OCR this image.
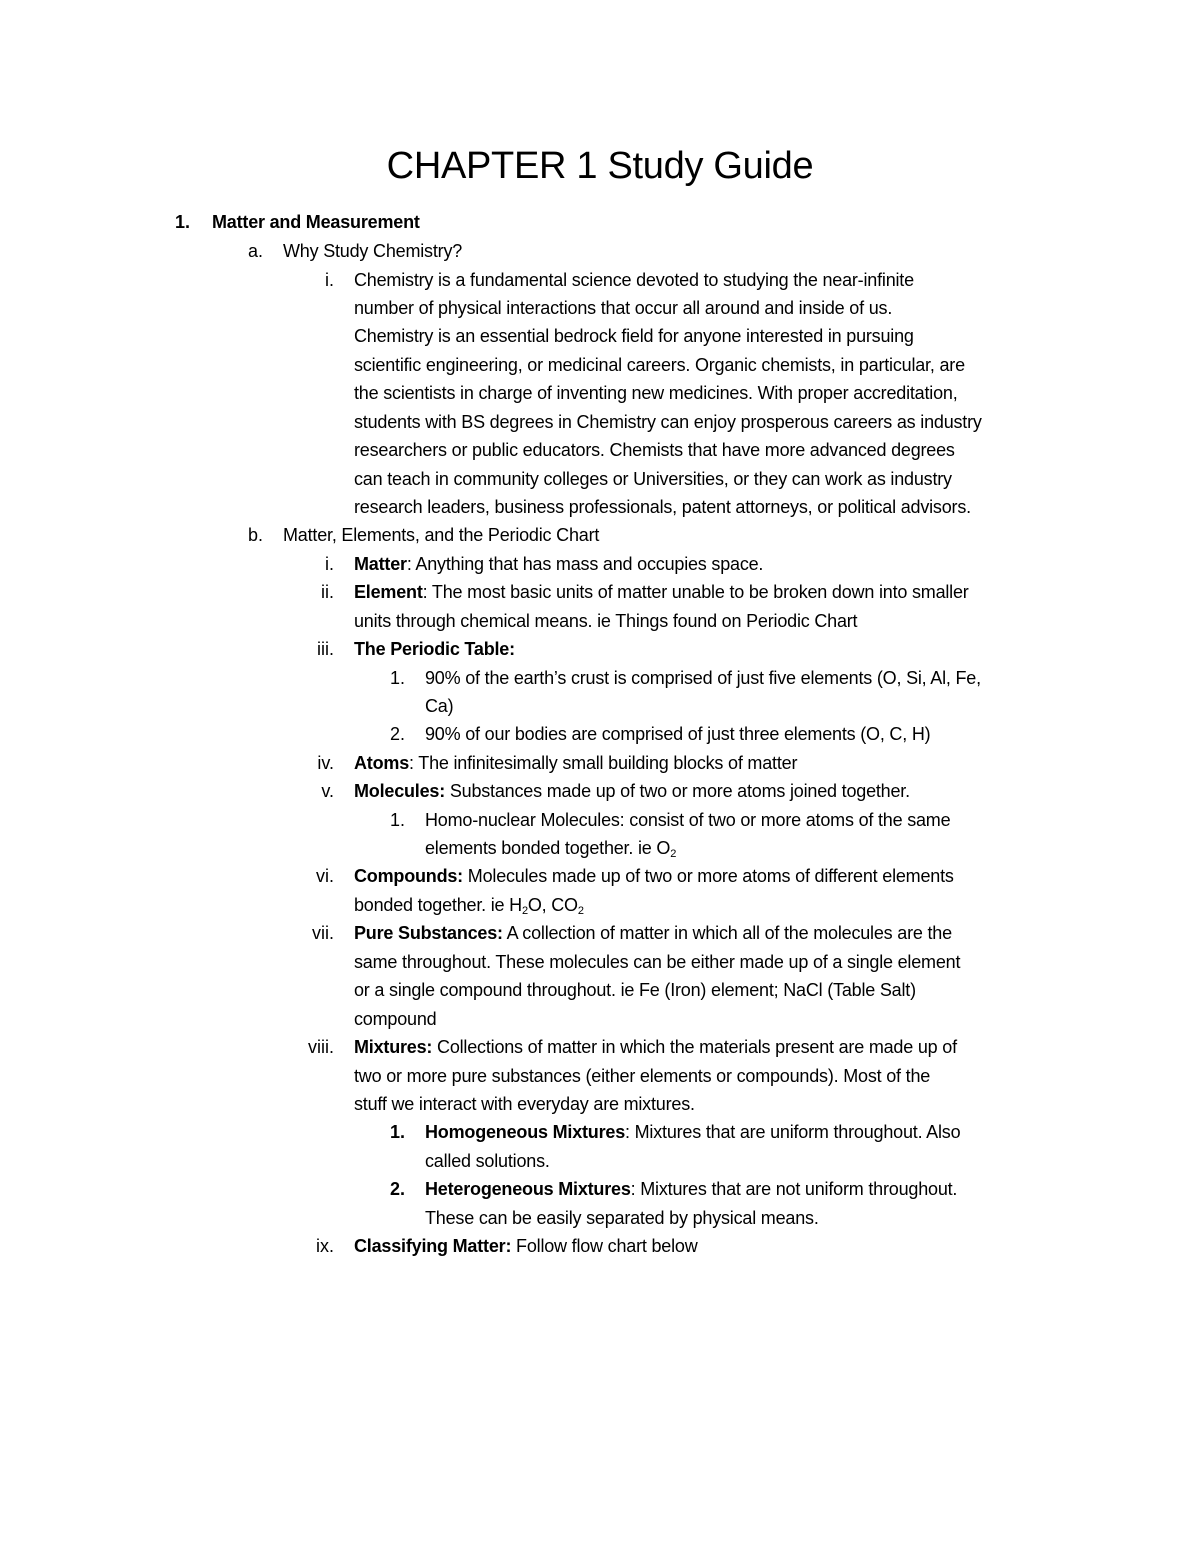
CHAPTER 1 Study Guide
1. Matter and Measurement
a. Why Study Chemistry?
i. Chemistry is a fundamental science devoted to studying the near-infinite
number of physical interactions that occur all around and inside of us.
Chemistry is an essential bedrock field for anyone interested in pursuing
scientific engineering, or medicinal careers. Organic chemists, in particular, are
the scientists in charge of inventing new medicines. With proper accreditation,
students with BS degrees in Chemistry can enjoy prosperous careers as industry
researchers or public educators. Chemists that have more advanced degrees
can teach in community colleges or Universities, or they can work as industry
research leaders, business professionals, patent attorneys, or political advisors.
b. Matter, Elements, and the Periodic Chart
i. Matter: Anything that has mass and occupies space.
ii. Element: The most basic units of matter unable to be broken down into smaller
units through chemical means. ie Things found on Periodic Chart
iii. The Periodic Table:
1. 90% of the earth’s crust is comprised of just five elements (O, Si, Al, Fe,
Ca)
2. 90% of our bodies are comprised of just three elements (O, C, H)
iv. Atoms: The infinitesimally small building blocks of matter
v. Molecules: Substances made up of two or more atoms joined together.
1. Homo-nuclear Molecules: consist of two or more atoms of the same
elements bonded together. ie $O_2$
vi. Compounds: Molecules made up of two or more atoms of different elements
bonded together. ie $H_2O$, $CO_2$
vii. Pure Substances: A collection of matter in which all of the molecules are the
same throughout. These molecules can be either made up of a single element
or a single compound throughout. ie Fe (Iron) element; NaCl (Table Salt)
compound
viii. Mixtures: Collections of matter in which the materials present are made up of
two or more pure substances (either elements or compounds). Most of the
stuff we interact with everyday are mixtures.
1. Homogeneous Mixtures: Mixtures that are uniform throughout. Also
called solutions.
2. Heterogeneous Mixtures: Mixtures that are not uniform throughout.
These can be easily separated by physical means.
ix. Classifying Matter: Follow flow chart below
